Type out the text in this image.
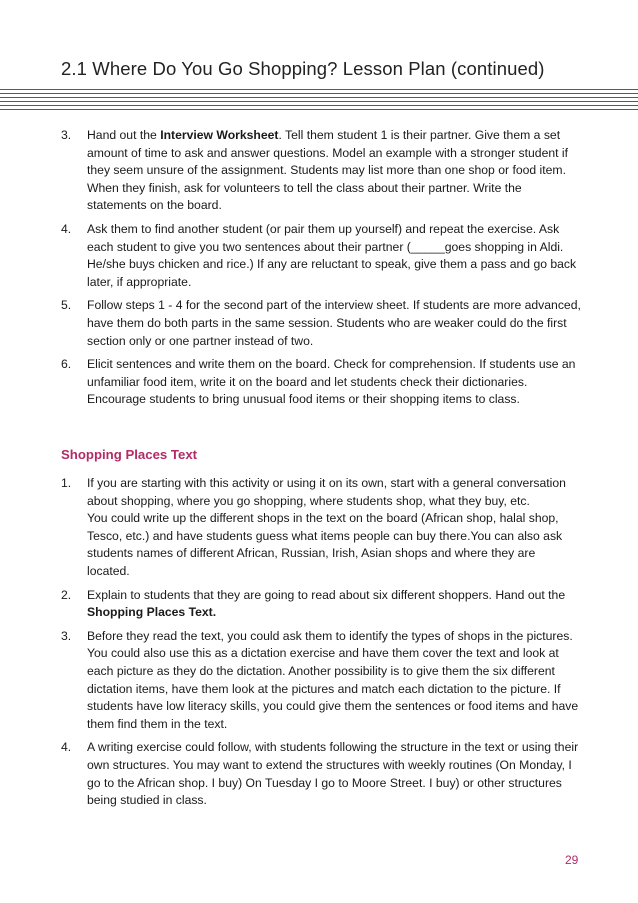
2.1 Where Do You Go Shopping? Lesson Plan (continued)
3. Hand out the Interview Worksheet. Tell them student 1 is their partner. Give them a set amount of time to ask and answer questions. Model an example with a stronger student if they seem unsure of the assignment. Students may list more than one shop or food item. When they finish, ask for volunteers to tell the class about their partner. Write the statements on the board.

4. Ask them to find another student (or pair them up yourself) and repeat the exercise. Ask each student to give you two sentences about their partner (_____goes shopping in Aldi. He/she buys chicken and rice.) If any are reluctant to speak, give them a pass and go back later, if appropriate.

5. Follow steps 1 - 4 for the second part of the interview sheet. If students are more advanced, have them do both parts in the same session. Students who are weaker could do the first section only or one partner instead of two.

6. Elicit sentences and write them on the board. Check for comprehension. If students use an unfamiliar food item, write it on the board and let students check their dictionaries. Encourage students to bring unusual food items or their shopping items to class.

Shopping Places Text
1. If you are starting with this activity or using it on its own, start with a general conversation about shopping, where you go shopping, where students shop, what they buy, etc.

You could write up the different shops in the text on the board (African shop, halal shop, Tesco, etc.) and have students guess what items people can buy there.You can also ask students names of different African, Russian, Irish, Asian shops and where they are located.

2. Explain to students that they are going to read about six different shoppers. Hand out the Shopping Places Text.

3. Before they read the text, you could ask them to identify the types of shops in the pictures. You could also use this as a dictation exercise and have them cover the text and look at each picture as they do the dictation. Another possibility is to give them the six different dictation items, have them look at the pictures and match each dictation to the picture. If students have low literacy skills, you could give them the sentences or food items and have them find them in the text.

4. A writing exercise could follow, with students following the structure in the text or using their own structures. You may want to extend the structures with weekly routines (On Monday, I go to the African shop. I buy) On Tuesday I go to Moore Street. I buy) or other structures being studied in class.

29
